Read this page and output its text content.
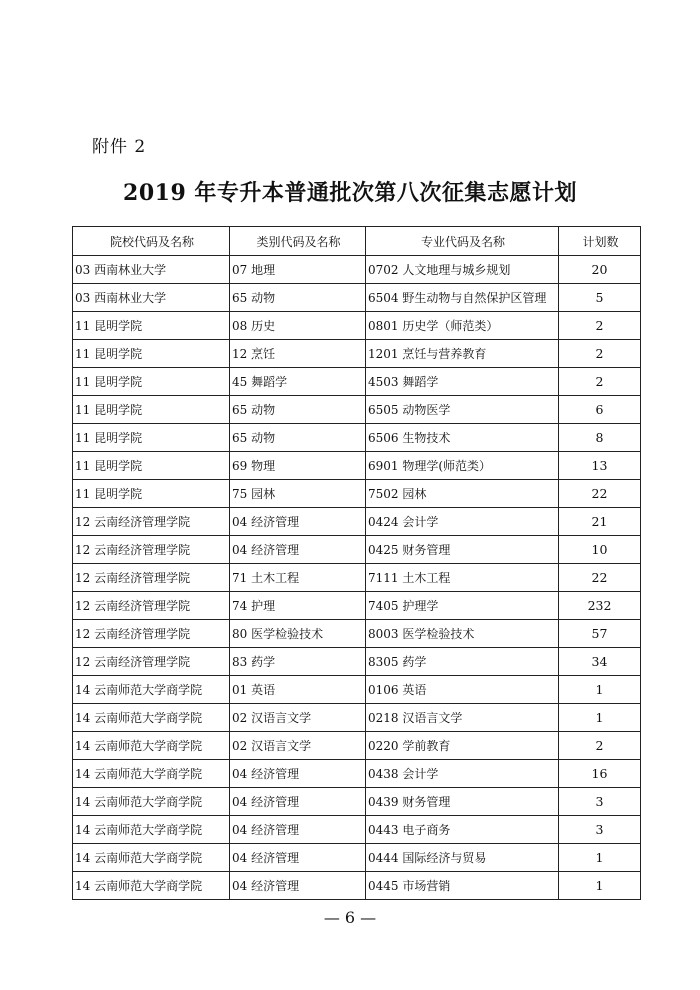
附件 2
2019 年专升本普通批次第八次征集志愿计划
院校代码及名称	类别代码及名称	专业代码及名称	计划数
03 西南林业大学	07 地理	0702 人文地理与城乡规划	20
03 西南林业大学	65 动物	6504 野生动物与自然保护区管理	5
11 昆明学院	08 历史	0801 历史学（师范类）	2
11 昆明学院	12 烹饪	1201 烹饪与营养教育	2
11 昆明学院	45 舞蹈学	4503 舞蹈学	2
11 昆明学院	65 动物	6505 动物医学	6
11 昆明学院	65 动物	6506 生物技术	8
11 昆明学院	69 物理	6901 物理学(师范类）	13
11 昆明学院	75 园林	7502 园林	22
12 云南经济管理学院	04 经济管理	0424 会计学	21
12 云南经济管理学院	04 经济管理	0425 财务管理	10
12 云南经济管理学院	71 土木工程	7111 土木工程	22
12 云南经济管理学院	74 护理	7405 护理学	232
12 云南经济管理学院	80 医学检验技术	8003 医学检验技术	57
12 云南经济管理学院	83 药学	8305 药学	34
14 云南师范大学商学院	01 英语	0106 英语	1
14 云南师范大学商学院	02 汉语言文学	0218 汉语言文学	1
14 云南师范大学商学院	02 汉语言文学	0220 学前教育	2
14 云南师范大学商学院	04 经济管理	0438 会计学	16
14 云南师范大学商学院	04 经济管理	0439 财务管理	3
14 云南师范大学商学院	04 经济管理	0443 电子商务	3
14 云南师范大学商学院	04 经济管理	0444 国际经济与贸易	1
14 云南师范大学商学院	04 经济管理	0445 市场营销	1
— 6 —
